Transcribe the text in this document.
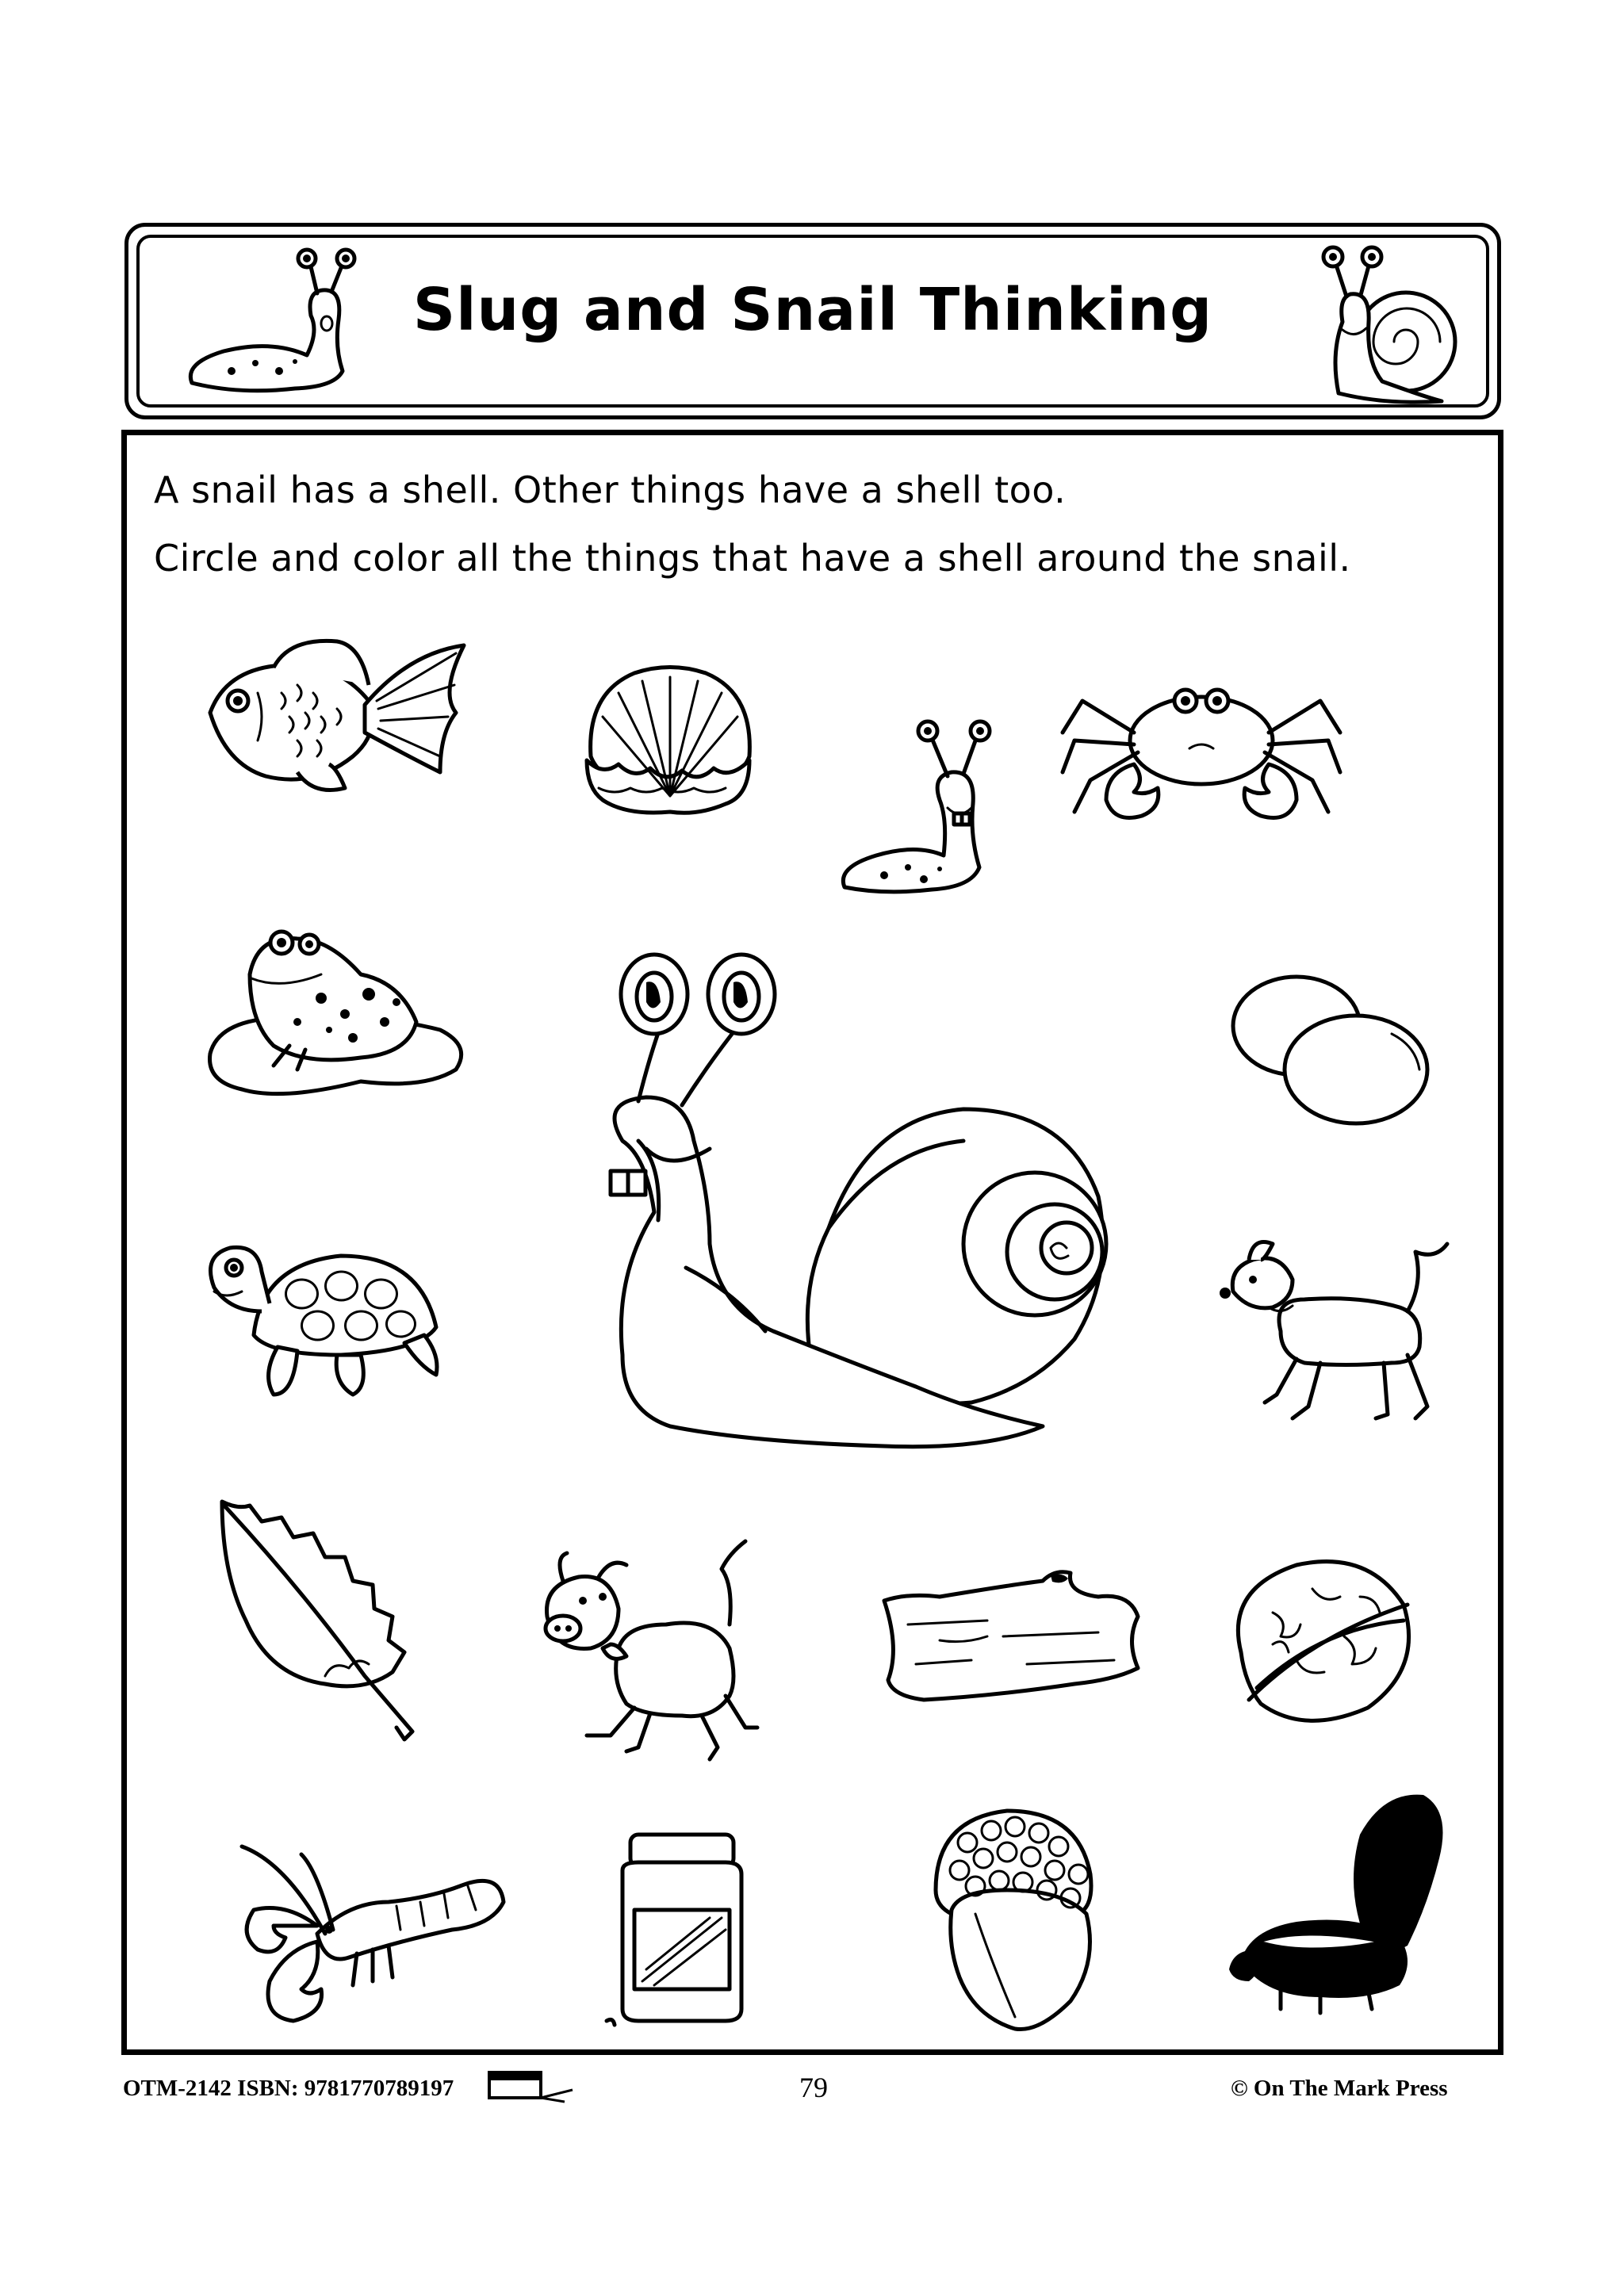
Slug and Snail Thinking
A snail has a shell. Other things have a shell too.
Circle and color all the things that have a shell around the snail.
OTM-2142 ISBN: 9781770789197	79	© On The Mark Press
